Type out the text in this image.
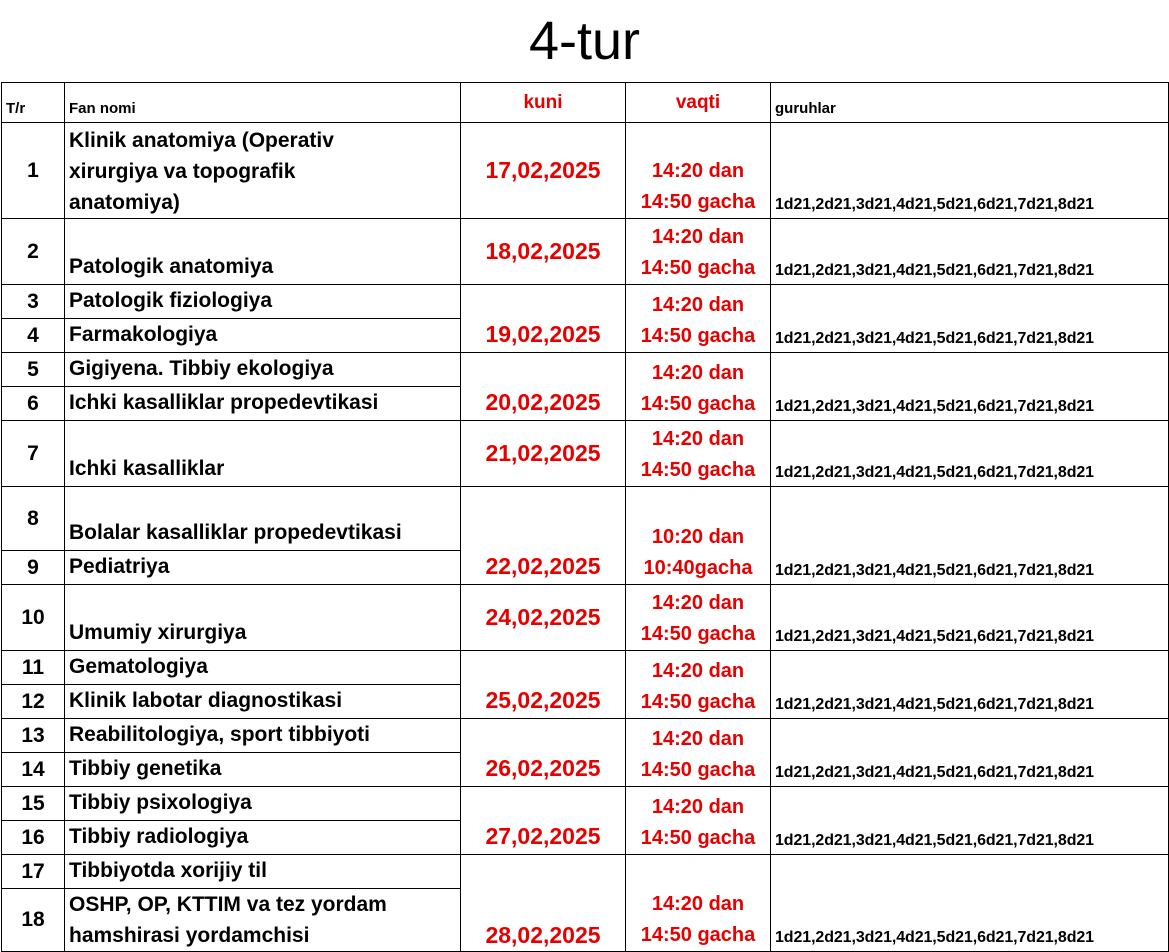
4-tur
T/r	Fan nomi	kuni	vaqti	guruhlar
1	Klinik anatomiya (Operativ
xirurgiya va topografik
anatomiya)	17,02,2025	14:20 dan
14:50 gacha	1d21,2d21,3d21,4d21,5d21,6d21,7d21,8d21
2	Patologik anatomiya	18,02,2025	14:20 dan
14:50 gacha	1d21,2d21,3d21,4d21,5d21,6d21,7d21,8d21
3	Patologik fiziologiya	19,02,2025	14:20 dan
14:50 gacha	1d21,2d21,3d21,4d21,5d21,6d21,7d21,8d21
4	Farmakologiya			
5	Gigiyena. Tibbiy ekologiya	20,02,2025	14:20 dan
14:50 gacha	1d21,2d21,3d21,4d21,5d21,6d21,7d21,8d21
6	Ichki kasalliklar propedevtikasi			
7	Ichki kasalliklar	21,02,2025	14:20 dan
14:50 gacha	1d21,2d21,3d21,4d21,5d21,6d21,7d21,8d21
8	Bolalar kasalliklar propedevtikasi	22,02,2025	10:20 dan
10:40gacha	1d21,2d21,3d21,4d21,5d21,6d21,7d21,8d21
9	Pediatriya			
10	Umumiy xirurgiya	24,02,2025	14:20 dan
14:50 gacha	1d21,2d21,3d21,4d21,5d21,6d21,7d21,8d21
11	Gematologiya	25,02,2025	14:20 dan
14:50 gacha	1d21,2d21,3d21,4d21,5d21,6d21,7d21,8d21
12	Klinik labotar diagnostikasi			
13	Reabilitologiya, sport tibbiyoti	26,02,2025	14:20 dan
14:50 gacha	1d21,2d21,3d21,4d21,5d21,6d21,7d21,8d21
14	Tibbiy genetika			
15	Tibbiy psixologiya	27,02,2025	14:20 dan
14:50 gacha	1d21,2d21,3d21,4d21,5d21,6d21,7d21,8d21
16	Tibbiy radiologiya			
17	Tibbiyotda xorijiy til	28,02,2025	14:20 dan
14:50 gacha	1d21,2d21,3d21,4d21,5d21,6d21,7d21,8d21
18	OSHP, OP, KTTIM va tez yordam
hamshirasi yordamchisi			
